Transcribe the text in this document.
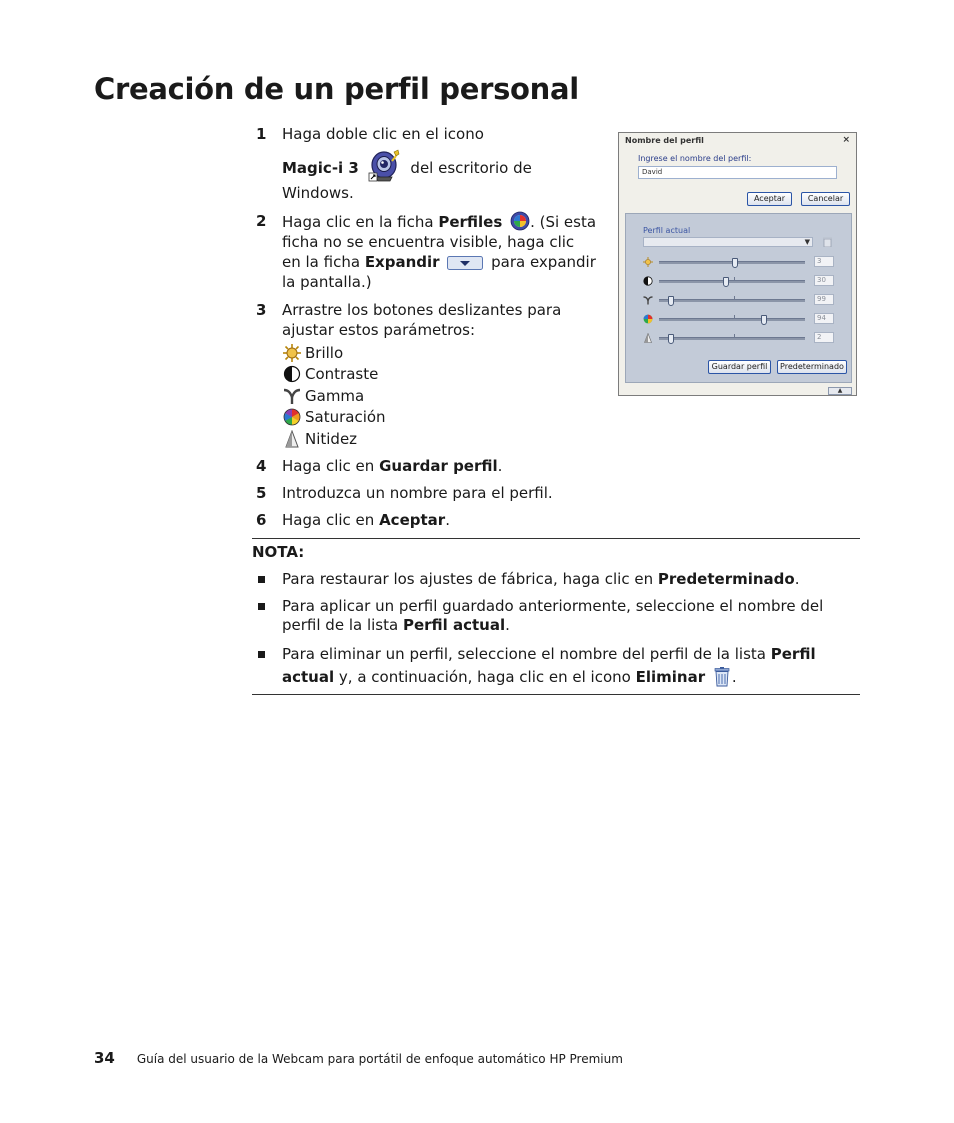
Creación de un perfil personal
1 Haga doble clic en el icono
Magic-i 3	del escritorio de Windows.
2 Haga clic en la ficha Perfiles . (Si esta ficha no se encuentra visible, haga clic en la ficha Expandir	para expandir la pantalla.)
3 Arrastre los botones deslizantes para ajustar estos parámetros:
Brillo
Contraste
Gamma
Saturación
Nitidez
4 Haga clic en Guardar perfil.
5 Introduzca un nombre para el perfil.
6 Haga clic en Aceptar.
Nombre del perfil	×
Ingrese el nombre del perfil:
David
Aceptar	Cancelar
Perfil actual
▼
3
30
99
94
2
Guardar perfil	Predeterminado
▲
NOTA:
Para restaurar los ajustes de fábrica, haga clic en Predeterminado.
Para aplicar un perfil guardado anteriormente, seleccione el nombre del perfil de la lista Perfil actual.
Para eliminar un perfil, seleccione el nombre del perfil de la lista Perfil actual y, a continuación, haga clic en el icono Eliminar .
34 Guía del usuario de la Webcam para portátil de enfoque automático HP Premium
